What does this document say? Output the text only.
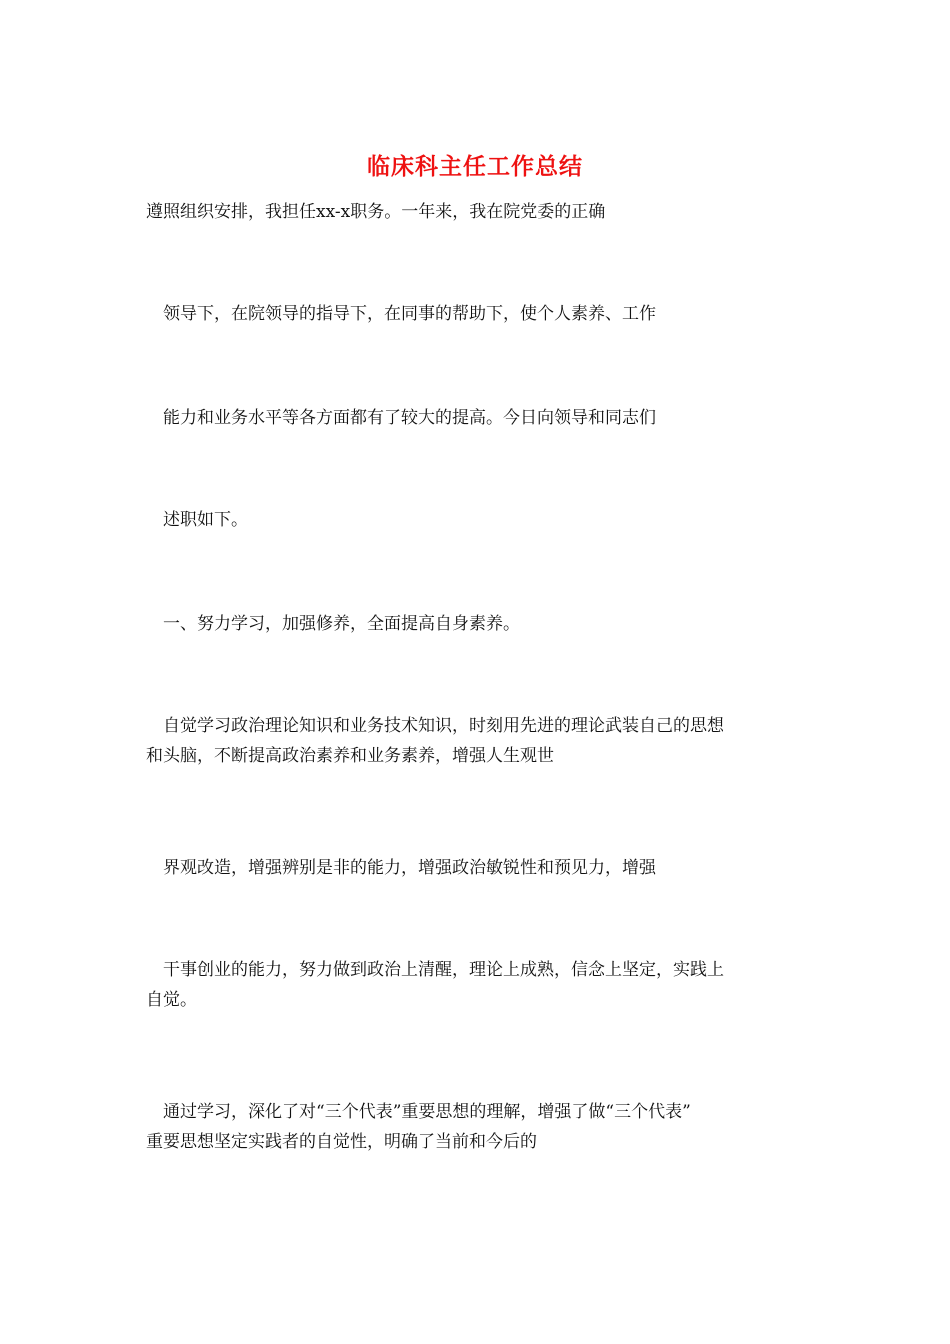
临床科主任工作总结
遵照组织安排，我担任xx-x职务。一年来，我在院党委的正确
　领导下，在院领导的指导下，在同事的帮助下，使个人素养、工作
　能力和业务水平等各方面都有了较大的提高。今日向领导和同志们
　述职如下。
　一、努力学习，加强修养，全面提高自身素养。
　自觉学习政治理论知识和业务技术知识，时刻用先进的理论武装自己的思想
和头脑，不断提高政治素养和业务素养，增强人生观世
　界观改造，增强辨别是非的能力，增强政治敏锐性和预见力，增强
　干事创业的能力，努力做到政治上清醒，理论上成熟，信念上坚定，实践上
自觉。
　通过学习，深化了对“三个代表”重要思想的理解，增强了做“三个代表”
重要思想坚定实践者的自觉性，明确了当前和今后的
